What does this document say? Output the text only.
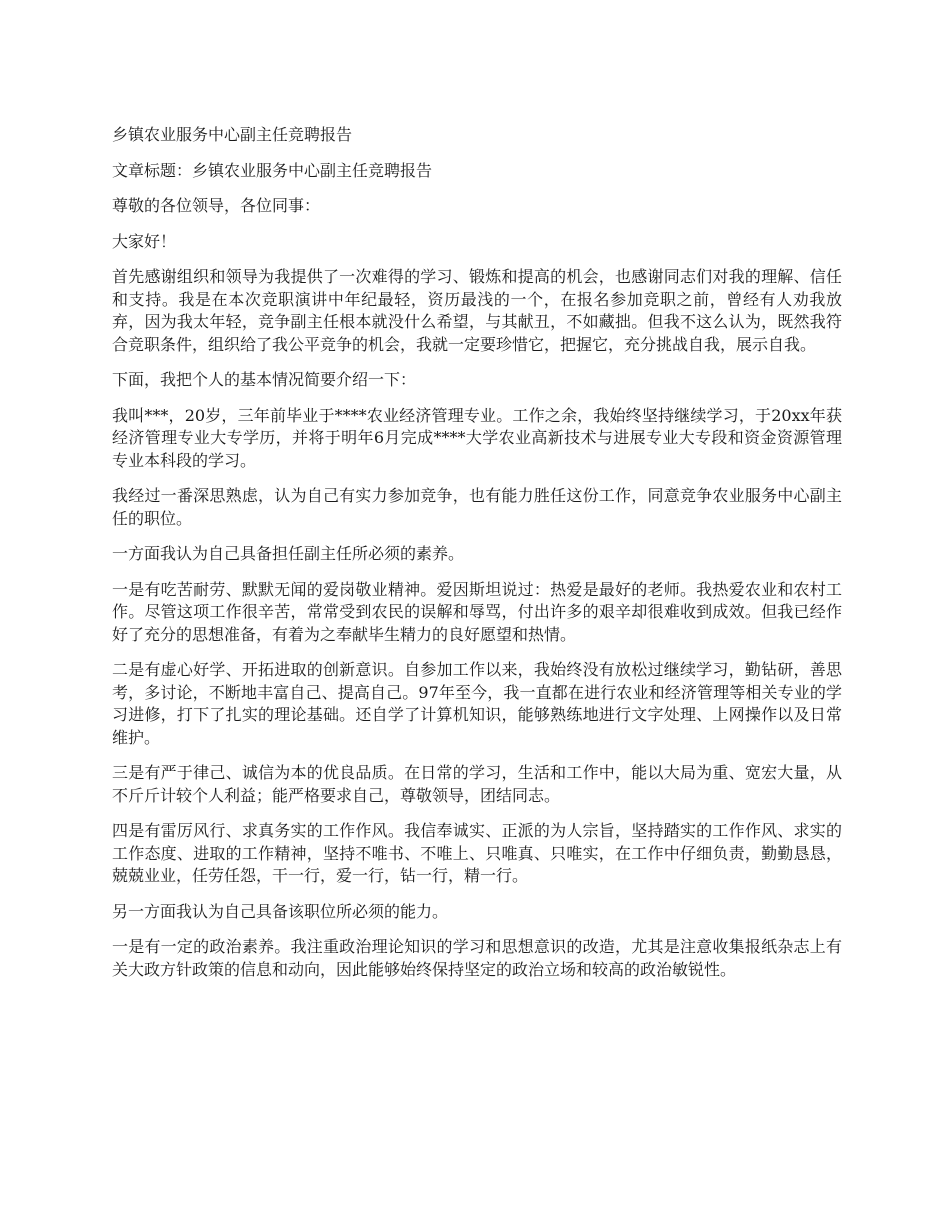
乡镇农业服务中心副主任竞聘报告

文章标题：乡镇农业服务中心副主任竞聘报告

尊敬的各位领导，各位同事：

大家好！

首先感谢组织和领导为我提供了一次难得的学习、锻炼和提高的机会，也感谢同志们对我的理解、信任和支持。我是在本次竞职演讲中年纪最轻，资历最浅的一个，在报名参加竞职之前，曾经有人劝我放弃，因为我太年轻，竞争副主任根本就没什么希望，与其献丑，不如藏拙。但我不这么认为，既然我符合竞职条件，组织给了我公平竞争的机会，我就一定要珍惜它，把握它，充分挑战自我，展示自我。

下面，我把个人的基本情况简要介绍一下：

我叫***，20岁，三年前毕业于****农业经济管理专业。工作之余，我始终坚持继续学习，于20xx年获经济管理专业大专学历，并将于明年6月完成****大学农业高新技术与进展专业大专段和资金资源管理专业本科段的学习。

我经过一番深思熟虑，认为自己有实力参加竞争，也有能力胜任这份工作，同意竞争农业服务中心副主任的职位。

一方面我认为自己具备担任副主任所必须的素养。

一是有吃苦耐劳、默默无闻的爱岗敬业精神。爱因斯坦说过：热爱是最好的老师。我热爱农业和农村工作。尽管这项工作很辛苦，常常受到农民的误解和辱骂，付出许多的艰辛却很难收到成效。但我已经作好了充分的思想准备，有着为之奉献毕生精力的良好愿望和热情。

二是有虚心好学、开拓进取的创新意识。自参加工作以来，我始终没有放松过继续学习，勤钻研，善思考，多讨论，不断地丰富自己、提高自己。97年至今，我一直都在进行农业和经济管理等相关专业的学习进修，打下了扎实的理论基础。还自学了计算机知识，能够熟练地进行文字处理、上网操作以及日常维护。

三是有严于律己、诚信为本的优良品质。在日常的学习，生活和工作中，能以大局为重、宽宏大量，从不斤斤计较个人利益；能严格要求自己，尊敬领导，团结同志。

四是有雷厉风行、求真务实的工作作风。我信奉诚实、正派的为人宗旨，坚持踏实的工作作风、求实的工作态度、进取的工作精神，坚持不唯书、不唯上、只唯真、只唯实，在工作中仔细负责，勤勤恳恳，兢兢业业，任劳任怨，干一行，爱一行，钻一行，精一行。

另一方面我认为自己具备该职位所必须的能力。

一是有一定的政治素养。我注重政治理论知识的学习和思想意识的改造，尤其是注意收集报纸杂志上有关大政方针政策的信息和动向，因此能够始终保持坚定的政治立场和较高的政治敏锐性。
